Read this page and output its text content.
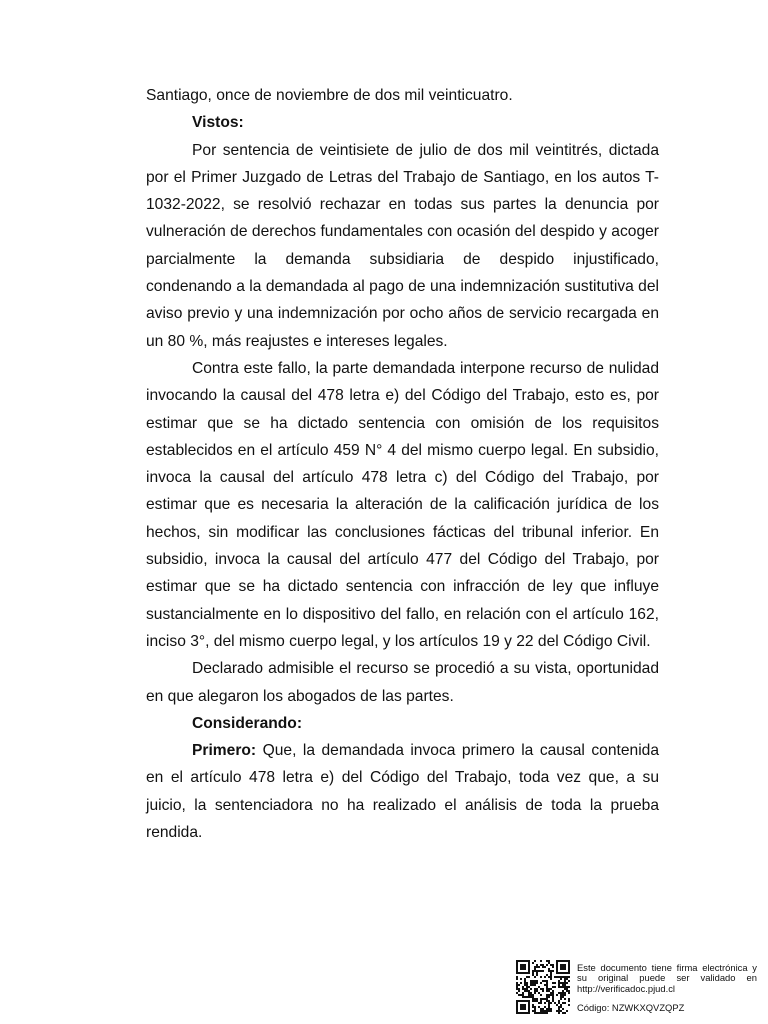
Santiago, once de noviembre de dos mil veinticuatro.

Vistos:

Por sentencia de veintisiete de julio de dos mil veintitrés, dictada por el Primer Juzgado de Letras del Trabajo de Santiago, en los autos T-1032-2022, se resolvió rechazar en todas sus partes la denuncia por vulneración de derechos fundamentales con ocasión del despido y acoger parcialmente la demanda subsidiaria de despido injustificado, condenando a la demandada al pago de una indemnización sustitutiva del aviso previo y una indemnización por ocho años de servicio recargada en un 80 %, más reajustes e intereses legales.

Contra este fallo, la parte demandada interpone recurso de nulidad invocando la causal del 478 letra e) del Código del Trabajo, esto es, por estimar que se ha dictado sentencia con omisión de los requisitos establecidos en el artículo 459 N° 4 del mismo cuerpo legal. En subsidio, invoca la causal del artículo 478 letra c) del Código del Trabajo, por estimar que es necesaria la alteración de la calificación jurídica de los hechos, sin modificar las conclusiones fácticas del tribunal inferior. En subsidio, invoca la causal del artículo 477 del Código del Trabajo, por estimar que se ha dictado sentencia con infracción de ley que influye sustancialmente en lo dispositivo del fallo, en relación con el artículo 162, inciso 3°, del mismo cuerpo legal, y los artículos 19 y 22 del Código Civil.

Declarado admisible el recurso se procedió a su vista, oportunidad en que alegaron los abogados de las partes.

Considerando:

Primero: Que, la demandada invoca primero la causal contenida en el artículo 478 letra e) del Código del Trabajo, toda vez que, a su juicio, la sentenciadora no ha realizado el análisis de toda la prueba rendida.

Este documento tiene firma electrónica y su original puede ser validado en http://verificadoc.pjud.cl
Código: NZWKXQVZQPZ
